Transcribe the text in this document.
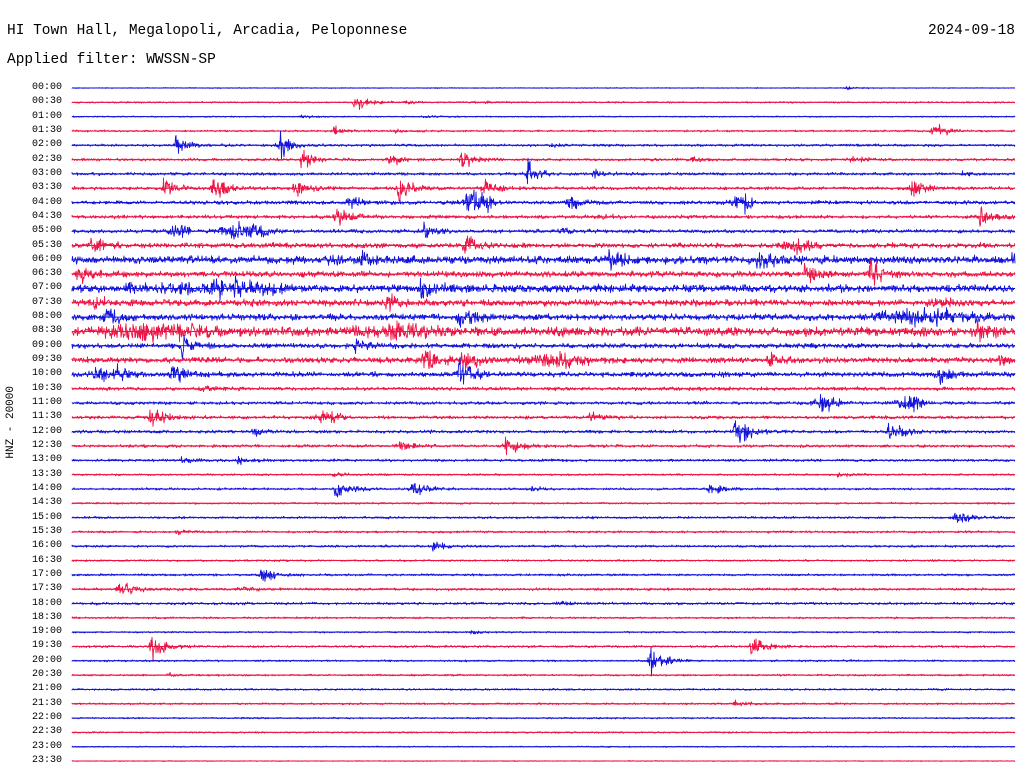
HI Town Hall, Megalopoli, Arcadia, Peloponnese	2024-09-18
Applied filter: WWSSN-SP
HNZ - 20000
00:00
00:30
01:00
01:30
02:00
02:30
03:00
03:30
04:00
04:30
05:00
05:30
06:00
06:30
07:00
07:30
08:00
08:30
09:00
09:30
10:00
10:30
11:00
11:30
12:00
12:30
13:00
13:30
14:00
14:30
15:00
15:30
16:00
16:30
17:00
17:30
18:00
18:30
19:00
19:30
20:00
20:30
21:00
21:30
22:00
22:30
23:00
23:30
